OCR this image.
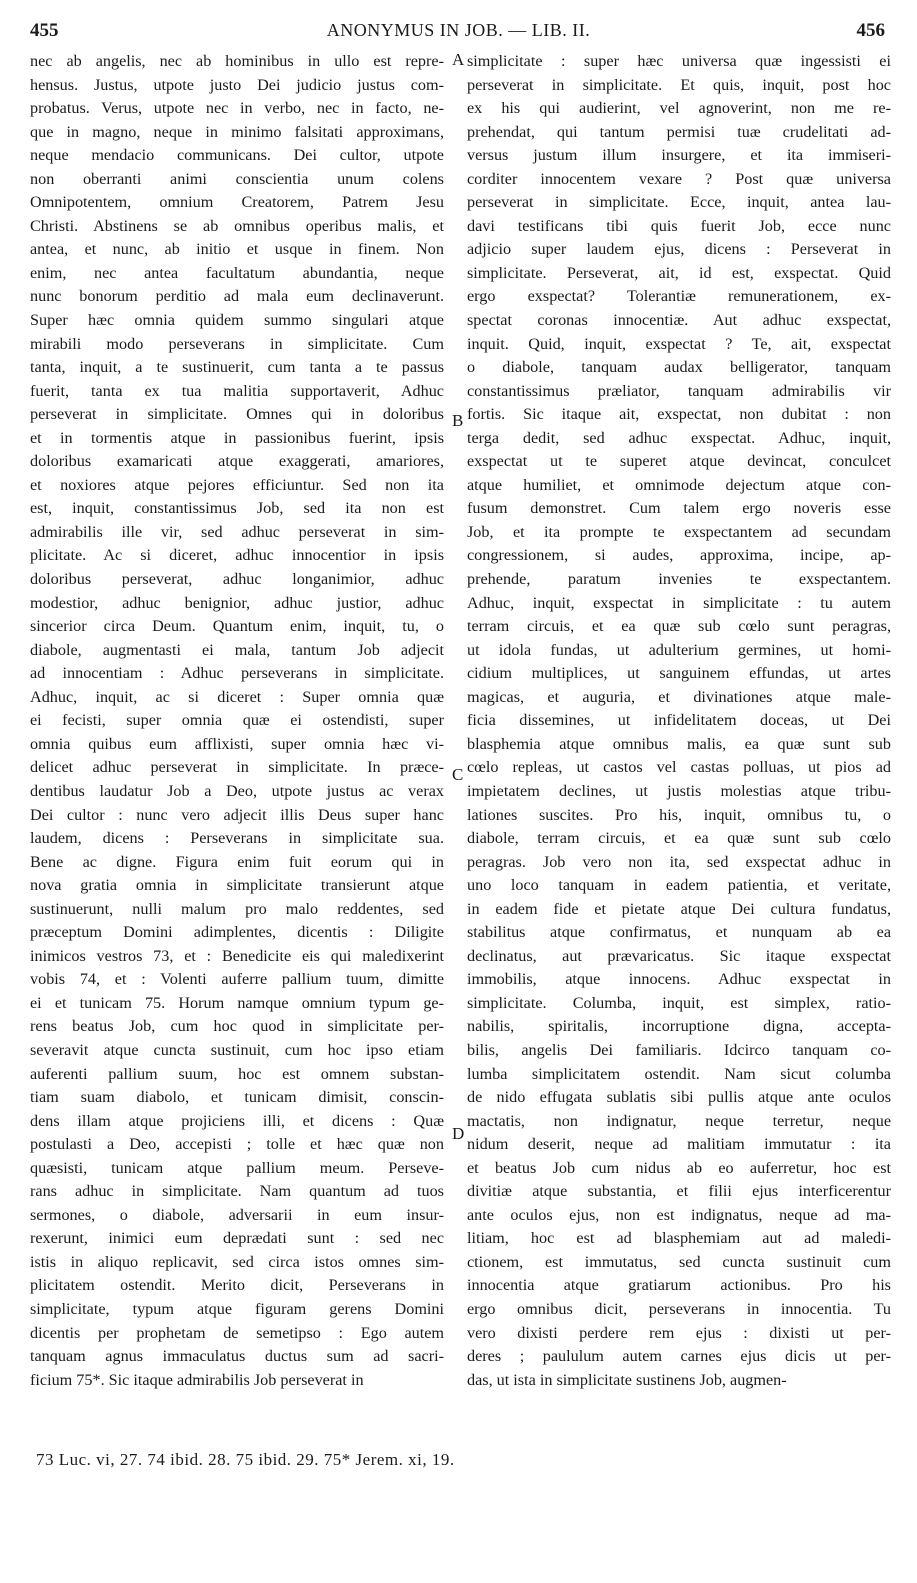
455	ANONYMUS IN JOB. — LIB. II.	456
nec ab angelis, nec ab hominibus in ullo est repre-
hensus. Justus, utpote justo Dei judicio justus com-
probatus. Verus, utpote nec in verbo, nec in facto, ne-
que in magno, neque in minimo falsitati approximans,
neque mendacio communicans. Dei cultor, utpote
non oberranti animi conscientia unum colens
Omnipotentem, omnium Creatorem, Patrem Jesu
Christi. Abstinens se ab omnibus operibus malis, et
antea, et nunc, ab initio et usque in finem. Non
enim, nec antea facultatum abundantia, neque
nunc bonorum perditio ad mala eum declinaverunt.
Super hæc omnia quidem summo singulari atque
mirabili modo perseverans in simplicitate. Cum
tanta, inquit, a te sustinuerit, cum tanta a te passus
fuerit, tanta ex tua malitia supportaverit, Adhuc
perseverat in simplicitate. Omnes qui in doloribus
et in tormentis atque in passionibus fuerint, ipsis
doloribus examaricati atque exaggerati, amariores,
et noxiores atque pejores efficiuntur. Sed non ita
est, inquit, constantissimus Job, sed ita non est
admirabilis ille vir, sed adhuc perseverat in sim-
plicitate. Ac si diceret, adhuc innocentior in ipsis
doloribus perseverat, adhuc longanimior, adhuc
modestior, adhuc benignior, adhuc justior, adhuc
sincerior circa Deum. Quantum enim, inquit, tu, o
diabole, augmentasti ei mala, tantum Job adjecit
ad innocentiam : Adhuc perseverans in simplicitate.
Adhuc, inquit, ac si diceret : Super omnia quæ
ei fecisti, super omnia quæ ei ostendisti, super
omnia quibus eum afflixisti, super omnia hæc vi-
delicet adhuc perseverat in simplicitate. In præce-
dentibus laudatur Job a Deo, utpote justus ac verax
Dei cultor : nunc vero adjecit illis Deus super hanc
laudem, dicens : Perseverans in simplicitate sua.
Bene ac digne. Figura enim fuit eorum qui in
nova gratia omnia in simplicitate transierunt atque
sustinuerunt, nulli malum pro malo reddentes, sed
præceptum Domini adimplentes, dicentis : Diligite
inimicos vestros 73, et : Benedicite eis qui maledixerint
vobis 74, et : Volenti auferre pallium tuum, dimitte
ei et tunicam 75. Horum namque omnium typum ge-
rens beatus Job, cum hoc quod in simplicitate per-
severavit atque cuncta sustinuit, cum hoc ipso etiam
auferenti pallium suum, hoc est omnem substan-
tiam suam diabolo, et tunicam dimisit, conscin-
dens illam atque projiciens illi, et dicens : Quæ
postulasti a Deo, accepisti ; tolle et hæc quæ non
quæsisti, tunicam atque pallium meum. Perseve-
rans adhuc in simplicitate. Nam quantum ad tuos
sermones, o diabole, adversarii in eum insur-
rexerunt, inimici eum deprædati sunt : sed nec
istis in aliquo replicavit, sed circa istos omnes sim-
plicitatem ostendit. Merito dicit, Perseverans in
simplicitate, typum atque figuram gerens Domini
dicentis per prophetam de semetipso : Ego autem
tanquam agnus immaculatus ductus sum ad sacri-
ficium 75*. Sic itaque admirabilis Job perseverat in
simplicitate : super hæc universa quæ ingessisti ei
perseverat in simplicitate. Et quis, inquit, post hoc
ex his qui audierint, vel agnoverint, non me re-
prehendat, qui tantum permisi tuæ crudelitati ad-
versus justum illum insurgere, et ita immiseri-
corditer innocentem vexare ? Post quæ universa
perseverat in simplicitate. Ecce, inquit, antea lau-
davi testificans tibi quis fuerit Job, ecce nunc
adjicio super laudem ejus, dicens : Perseverat in
simplicitate. Perseverat, ait, id est, exspectat. Quid
ergo exspectat? Tolerantiæ remunerationem, ex-
spectat coronas innocentiæ. Aut adhuc exspectat,
inquit. Quid, inquit, exspectat ? Te, ait, exspectat
o diabole, tanquam audax belligerator, tanquam
constantissimus præliator, tanquam admirabilis vir
fortis. Sic itaque ait, exspectat, non dubitat : non
terga dedit, sed adhuc exspectat. Adhuc, inquit,
exspectat ut te superet atque devincat, conculcet
atque humiliet, et omnimode dejectum atque con-
fusum demonstret. Cum talem ergo noveris esse
Job, et ita prompte te exspectantem ad secundam
congressionem, si audes, approxima, incipe, ap-
prehende, paratum invenies te exspectantem.
Adhuc, inquit, exspectat in simplicitate : tu autem
terram circuis, et ea quæ sub cœlo sunt peragras,
ut idola fundas, ut adulterium germines, ut homi-
cidium multiplices, ut sanguinem effundas, ut artes
magicas, et auguria, et divinationes atque male-
ficia dissemines, ut infidelitatem doceas, ut Dei
blasphemia atque omnibus malis, ea quæ sunt sub
cœlo repleas, ut castos vel castas polluas, ut pios ad
impietatem declines, ut justis molestias atque tribu-
lationes suscites. Pro his, inquit, omnibus tu, o
diabole, terram circuis, et ea quæ sunt sub cœlo
peragras. Job vero non ita, sed exspectat adhuc in
uno loco tanquam in eadem patientia, et veritate,
in eadem fide et pietate atque Dei cultura fundatus,
stabilitus atque confirmatus, et nunquam ab ea
declinatus, aut prævaricatus. Sic itaque exspectat
immobilis, atque innocens. Adhuc exspectat in
simplicitate. Columba, inquit, est simplex, ratio-
nabilis, spiritalis, incorruptione digna, accepta-
bilis, angelis Dei familiaris. Idcirco tanquam co-
lumba simplicitatem ostendit. Nam sicut columba
de nido effugata sublatis sibi pullis atque ante oculos
mactatis, non indignatur, neque terretur, neque
nidum deserit, neque ad malitiam immutatur : ita
et beatus Job cum nidus ab eo auferretur, hoc est
divitiæ atque substantia, et filii ejus interficerentur
ante oculos ejus, non est indignatus, neque ad ma-
litiam, hoc est ad blasphemiam aut ad maledi-
ctionem, est immutatus, sed cuncta sustinuit cum
innocentia atque gratiarum actionibus. Pro his
ergo omnibus dicit, perseverans in innocentia. Tu
vero dixisti perdere rem ejus : dixisti ut per-
deres ; paululum autem carnes ejus dicis ut per-
das, ut ista in simplicitate sustinens Job, augmen-
A
B
C
D
73 Luc. vi, 27. 74 ibid. 28. 75 ibid. 29. 75* Jerem. xi, 19.
